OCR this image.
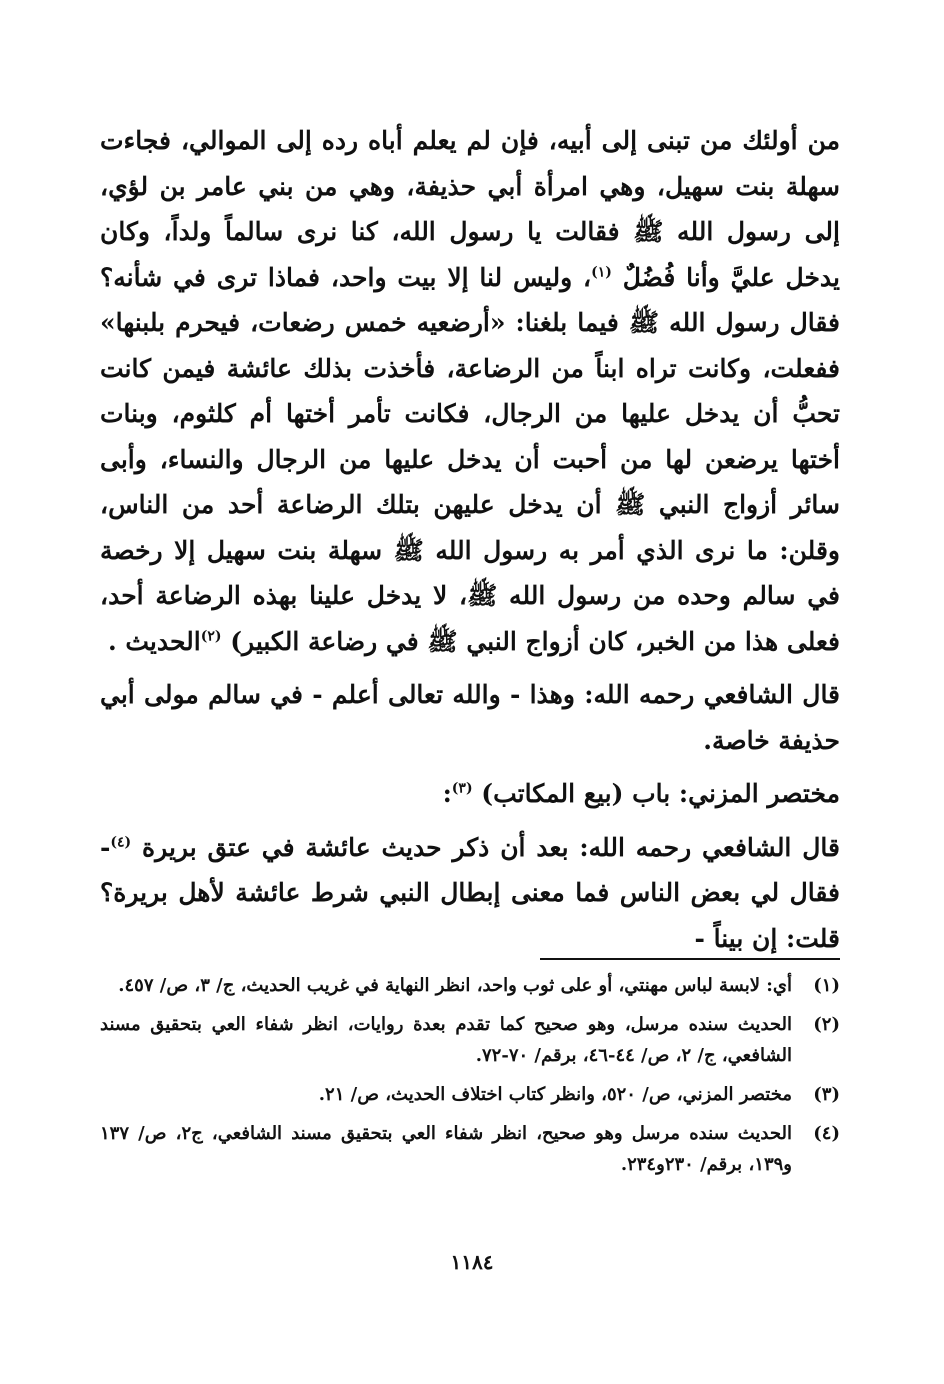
من أولئك من تبنى إلى أبيه، فإن لم يعلم أباه رده إلى الموالي، فجاءت سهلة بنت سهيل، وهي امرأة أبي حذيفة، وهي من بني عامر بن لؤي، إلى رسول الله ﷺ فقالت يا رسول الله، كنا نرى سالماً ولداً، وكان يدخل عليَّ وأنا فُضُلٌ $^{(١)}$، وليس لنا إلا بيت واحد، فماذا ترى في شأنه؟ فقال رسول الله ﷺ فيما بلغنا: «أرضعيه خمس رضعات، فيحرم بلبنها» ففعلت، وكانت تراه ابناً من الرضاعة، فأخذت بذلك عائشة فيمن كانت تحبُّ أن يدخل عليها من الرجال، فكانت تأمر أختها أم كلثوم، وبنات أختها يرضعن لها من أحبت أن يدخل عليها من الرجال والنساء، وأبى سائر أزواج النبي ﷺ أن يدخل عليهن بتلك الرضاعة أحد من الناس، وقلن: ما نرى الذي أمر به رسول الله ﷺ سهلة بنت سهيل إلا رخصة في سالم وحده من رسول الله ﷺ، لا يدخل علينا بهذه الرضاعة أحد، فعلى هذا من الخبر، كان أزواج النبي ﷺ في رضاعة الكبير) $^{(٢)}$الحديث .

قال الشافعي رحمه الله: وهذا - والله تعالى أعلم - في سالم مولى أبي حذيفة خاصة.

مختصر المزني: باب (بيع المكاتب) $^{(٣)}$:

قال الشافعي رحمه الله: بعد أن ذكر حديث عائشة في عتق بريرة $^{(٤)}$- فقال لي بعض الناس فما معنى إبطال النبي شرط عائشة لأهل بريرة؟ قلت: إن بيناً -

(١)
أي: لابسة لباس مهنتي، أو على ثوب واحد، انظر النهاية في غريب الحديث، ج/ ٣، ص/ ٤٥٧.
(٢)
الحديث سنده مرسل، وهو صحيح كما تقدم بعدة روايات، انظر شفاء العي بتحقيق مسند الشافعي، ج/ ٢، ص/ ٤٤-٤٦، برقم/ ٧٠-٧٢.
(٣)
مختصر المزني، ص/ ٥٢٠، وانظر كتاب اختلاف الحديث، ص/ ٢١.
(٤)
الحديث سنده مرسل وهو صحيح، انظر شفاء العي بتحقيق مسند الشافعي، ج٢، ص/ ١٣٧ و١٣٩، برقم/ ٢٣٠و٢٣٤.
١١٨٤
